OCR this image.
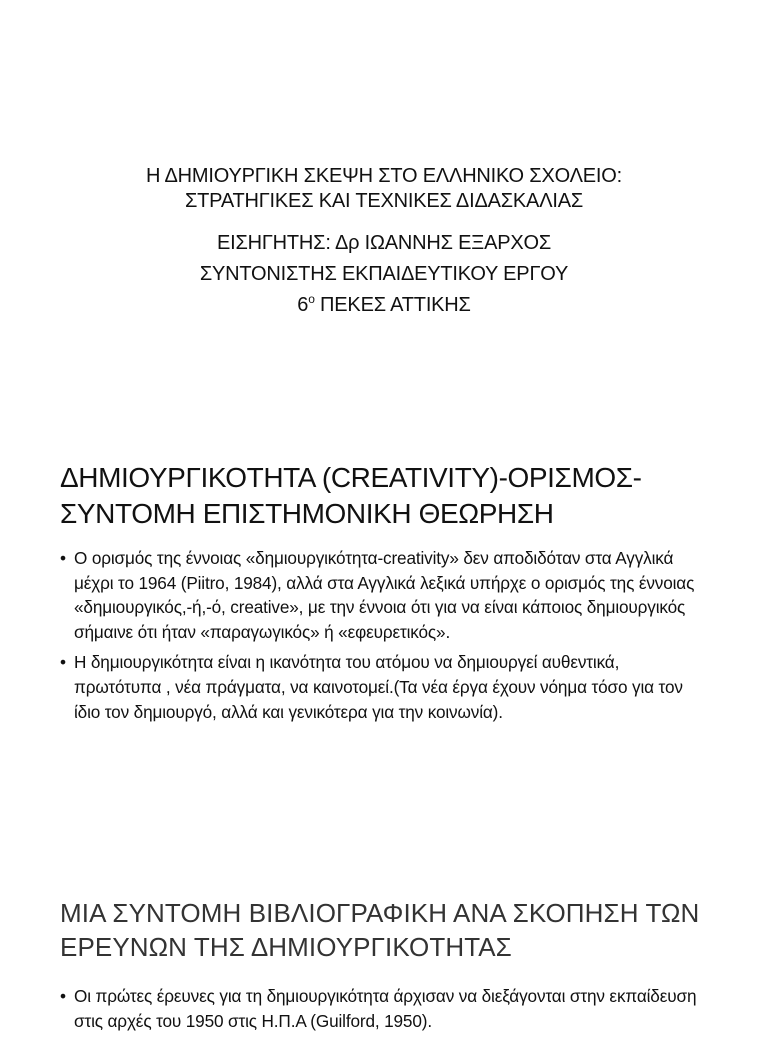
Η ΔΗΜΙΟΥΡΓΙΚΗ ΣΚΕΨΗ ΣΤΟ ΕΛΛΗΝΙΚΟ ΣΧΟΛΕΙΟ:
ΣΤΡΑΤΗΓΙΚΕΣ ΚΑΙ ΤΕΧΝΙΚΕΣ ΔΙΔΑΣΚΑΛΙΑΣ
ΕΙΣΗΓΗΤΗΣ: Δρ ΙΩΑΝΝΗΣ ΕΞΑΡΧΟΣ
ΣΥΝΤΟΝΙΣΤΗΣ ΕΚΠΑΙΔΕΥΤΙΚΟΥ ΕΡΓΟΥ
$6^o$ ΠΕΚΕΣ ΑΤΤΙΚΗΣ
ΔΗΜΙΟΥΡΓΙΚΟΤΗΤΑ (CREATIVITY)-ΟΡΙΣΜΟΣ-ΣΥΝΤΟΜΗ ΕΠΙΣΤΗΜΟΝΙΚΗ ΘΕΩΡΗΣΗ
• Ο ορισμός της έννοιας «δημιουργικότητα-creativity» δεν αποδιδόταν στα Αγγλικά μέχρι το 1964 (Piitro, 1984), αλλά στα Αγγλικά λεξικά υπήρχε ο ορισμός της έννοιας «δημιουργικός,-ή,-ό, creative», με την έννοια ότι για να είναι κάποιος δημιουργικός σήμαινε ότι ήταν «παραγωγικός» ή «εφευρετικός».
• Η δημιουργικότητα είναι η ικανότητα του ατόμου να δημιουργεί αυθεντικά, πρωτότυπα , νέα πράγματα, να καινοτομεί.(Τα νέα έργα έχουν νόημα τόσο για τον ίδιο τον δημιουργό, αλλά και γενικότερα για την κοινωνία).
ΜΙΑ ΣΥΝΤΟΜΗ ΒΙΒΛΙΟΓΡΑΦΙΚΗ ΑΝΑ ΣΚΟΠΗΣΗ ΤΩΝ ΕΡΕΥΝΩΝ ΤΗΣ ΔΗΜΙΟΥΡΓΙΚΟΤΗΤΑΣ
• Οι πρώτες έρευνες για τη δημιουργικότητα άρχισαν να διεξάγονται στην εκπαίδευση στις αρχές του 1950 στις Η.Π.Α (Guilford, 1950).
